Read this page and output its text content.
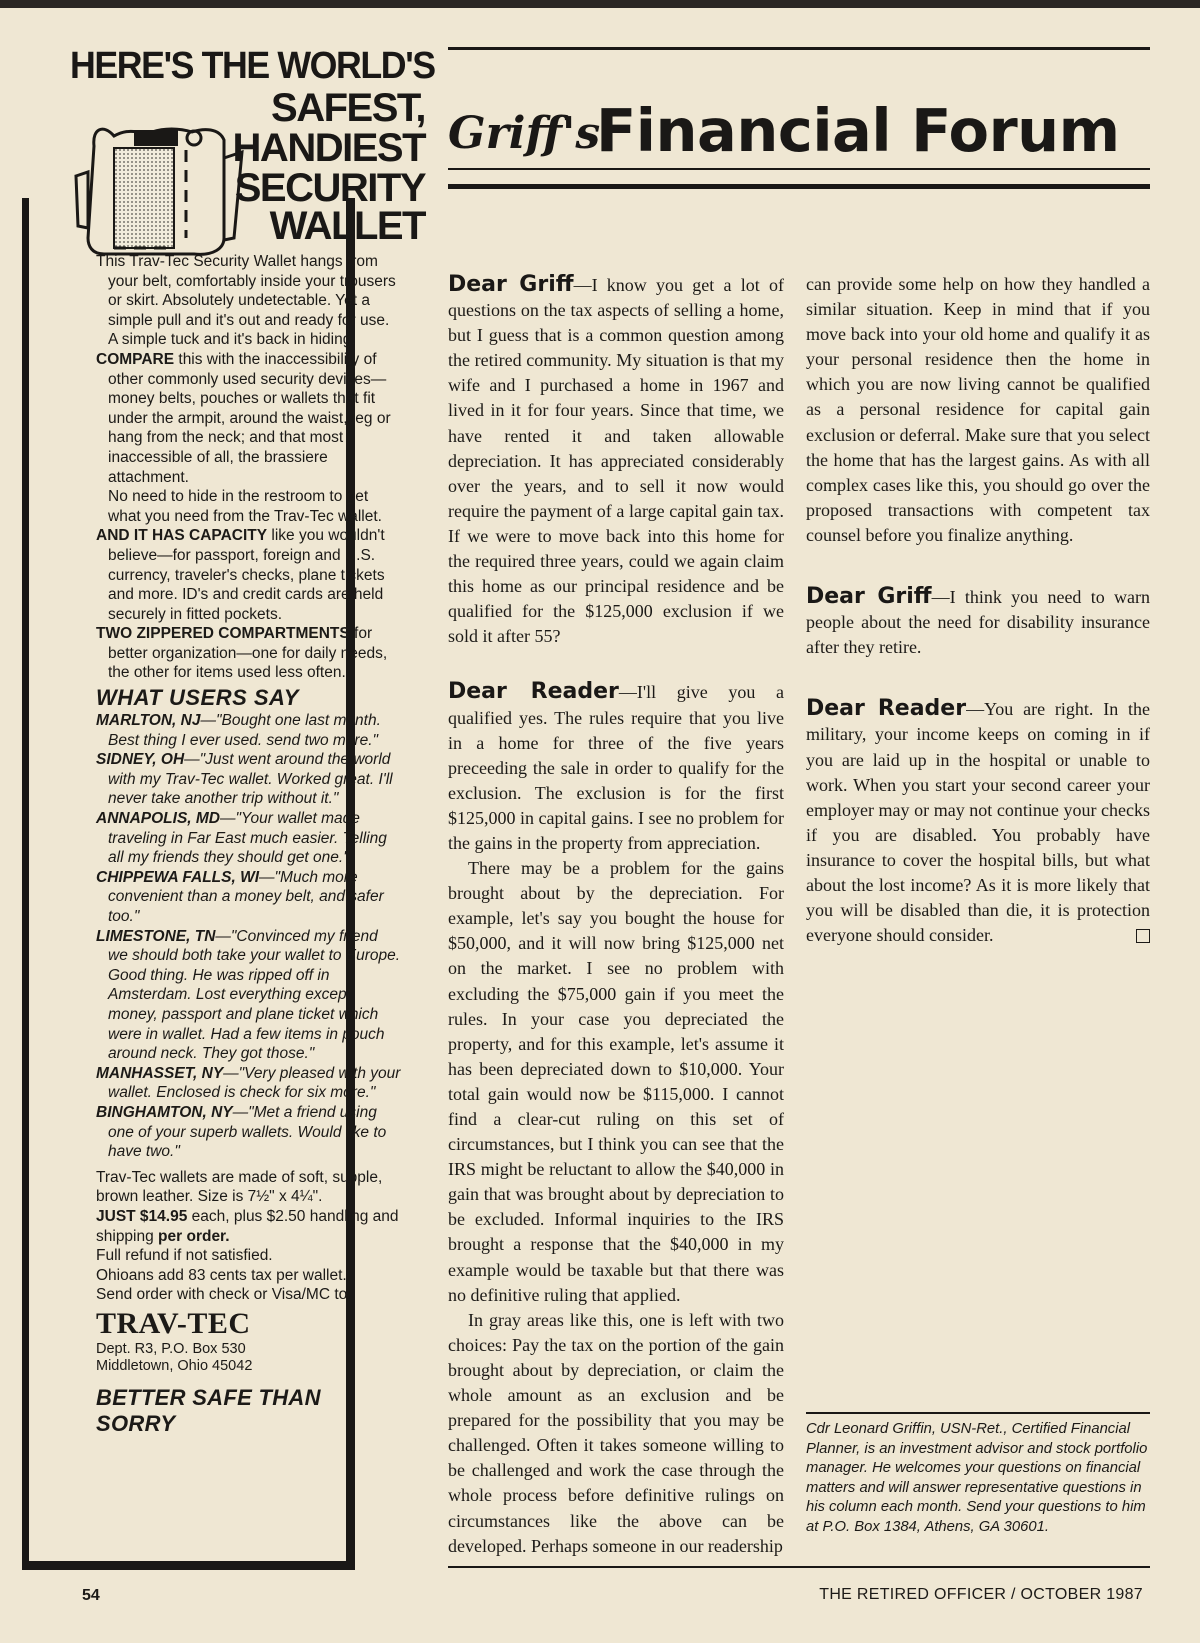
HERE'S THE WORLD'S
SAFEST,
HANDIEST
SECURITY
WALLET

This Trav-Tec Security Wallet hangs from your belt, comfortably inside your trousers or skirt. Absolutely undetectable. Yet a simple pull and it's out and ready for use. A simple tuck and it's back in hiding.

COMPARE this with the inaccessibility of other commonly used security devices—money belts, pouches or wallets that fit under the armpit, around the waist, leg or hang from the neck; and that most inaccessible of all, the brassiere attachment.

No need to hide in the restroom to get what you need from the Trav-Tec wallet.

AND IT HAS CAPACITY like you wouldn't believe—for passport, foreign and U.S. currency, traveler's checks, plane tickets and more. ID's and credit cards are held securely in fitted pockets.

TWO ZIPPERED COMPARTMENTS for better organization—one for daily needs, the other for items used less often.

WHAT USERS SAY

MARLTON, NJ—"Bought one last month. Best thing I ever used. send two more."

SIDNEY, OH—"Just went around the world with my Trav-Tec wallet. Worked great. I'll never take another trip without it."

ANNAPOLIS, MD—"Your wallet made traveling in Far East much easier. Telling all my friends they should get one."

CHIPPEWA FALLS, WI—"Much more convenient than a money belt, and safer too."

LIMESTONE, TN—"Convinced my friend we should both take your wallet to Europe. Good thing. He was ripped off in Amsterdam. Lost everything except money, passport and plane ticket which were in wallet. Had a few items in pouch around neck. They got those."

MANHASSET, NY—"Very pleased with your wallet. Enclosed is check for six more."

BINGHAMTON, NY—"Met a friend using one of your superb wallets. Would like to have two."

Trav-Tec wallets are made of soft, supple, brown leather. Size is 7½" x 4¼".

JUST $14.95 each, plus $2.50 handling and shipping per order.

Full refund if not satisfied.

Ohioans add 83 cents tax per wallet.

Send order with check or Visa/MC to

TRAV-TEC

Dept. R3, P.O. Box 530

Middletown, Ohio 45042

BETTER SAFE THAN SORRY
Griff's
Financial Forum

Dear Griff—I know you get a lot of questions on the tax aspects of selling a home, but I guess that is a common question among the retired community. My situation is that my wife and I purchased a home in 1967 and lived in it for four years. Since that time, we have rented it and taken allowable depreciation. It has appreciated considerably over the years, and to sell it now would require the payment of a large capital gain tax. If we were to move back into this home for the required three years, could we again claim this home as our principal residence and be qualified for the $125,000 exclusion if we sold it after 55?

Dear Reader—I'll give you a qualified yes. The rules require that you live in a home for three of the five years preceeding the sale in order to qualify for the exclusion. The exclusion is for the first $125,000 in capital gains. I see no problem for the gains in the property from appreciation.

There may be a problem for the gains brought about by the depreciation. For example, let's say you bought the house for $50,000, and it will now bring $125,000 net on the market. I see no problem with excluding the $75,000 gain if you meet the rules. In your case you depreciated the property, and for this example, let's assume it has been depreciated down to $10,000. Your total gain would now be $115,000. I cannot find a clear-cut ruling on this set of circumstances, but I think you can see that the IRS might be reluctant to allow the $40,000 in gain that was brought about by depreciation to be excluded. Informal inquiries to the IRS brought a response that the $40,000 in my example would be taxable but that there was no definitive ruling that applied.

In gray areas like this, one is left with two choices: Pay the tax on the portion of the gain brought about by depreciation, or claim the whole amount as an exclusion and be prepared for the possibility that you may be challenged. Often it takes someone willing to be challenged and work the case through the whole process before definitive rulings on circumstances like the above can be developed. Perhaps someone in our readership

can provide some help on how they handled a similar situation. Keep in mind that if you move back into your old home and qualify it as your personal residence then the home in which you are now living cannot be qualified as a personal residence for capital gain exclusion or deferral. Make sure that you select the home that has the largest gains. As with all complex cases like this, you should go over the proposed transactions with competent tax counsel before you finalize anything.

Dear Griff—I think you need to warn people about the need for disability insurance after they retire.

Dear Reader—You are right. In the military, your income keeps on coming in if you are laid up in the hospital or unable to work. When you start your second career your employer may or may not continue your checks if you are disabled. You probably have insurance to cover the hospital bills, but what about the lost income? As it is more likely that you will be disabled than die, it is protection everyone should consider.

Cdr Leonard Griffin, USN-Ret., Certified Financial Planner, is an investment advisor and stock portfolio manager. He welcomes your questions on financial matters and will answer representative questions in his column each month. Send your questions to him at P.O. Box 1384, Athens, GA 30601.
54	THE RETIRED OFFICER / OCTOBER 1987
